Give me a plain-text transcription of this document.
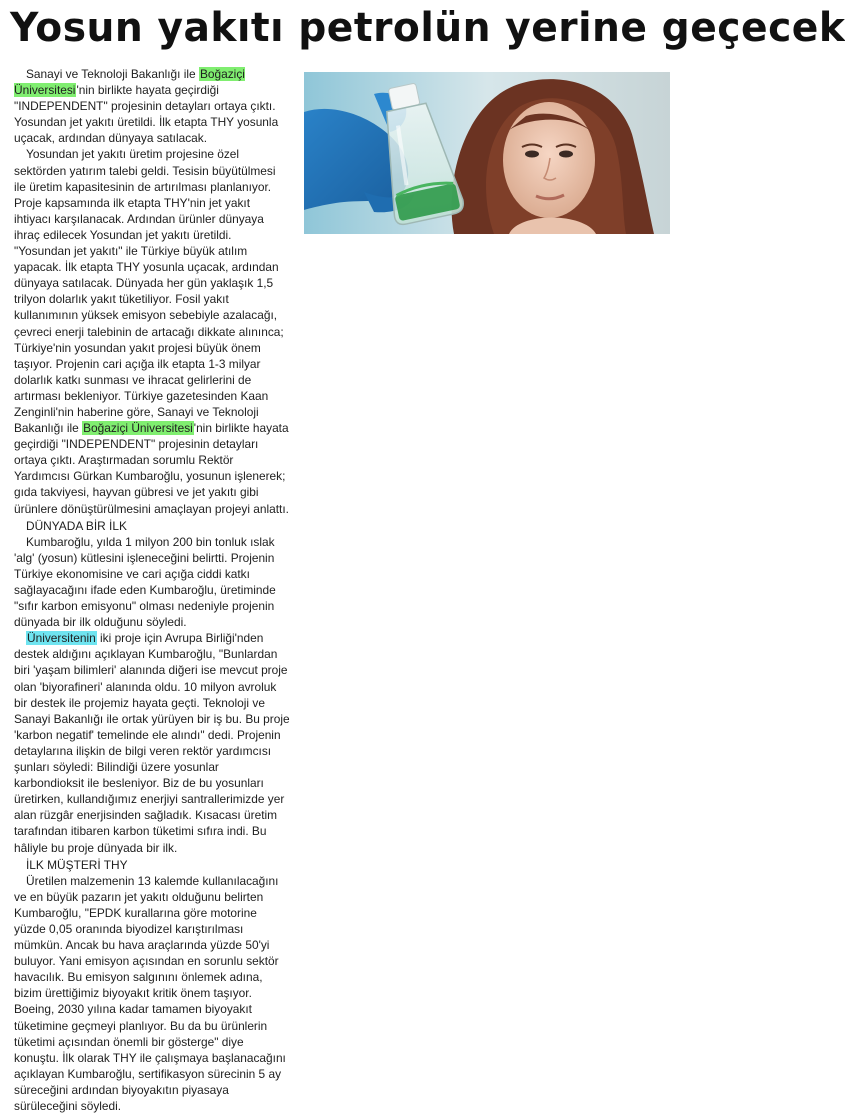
Yosun yakıtı petrolün yerine geçecek

Sanayi ve Teknoloji Bakanlığı ile Boğaziçi Üniversitesi'nin birlikte hayata geçirdiği "INDEPENDENT" projesinin detayları ortaya çıktı. Yosundan jet yakıtı üretildi. İlk etapta THY yosunla uçacak, ardından dünyaya satılacak.

Yosundan jet yakıtı üretim projesine özel sektörden yatırım talebi geldi. Tesisin büyütülmesi ile üretim kapasitesinin de artırılması planlanıyor. Proje kapsamında ilk etapta THY'nin jet yakıt ihtiyacı karşılanacak. Ardından ürünler dünyaya ihraç edilecek Yosundan jet yakıtı üretildi. "Yosundan jet yakıtı" ile Türkiye büyük atılım yapacak. İlk etapta THY yosunla uçacak, ardından dünyaya satılacak. Dünyada her gün yaklaşık 1,5 trilyon dolarlık yakıt tüketiliyor. Fosil yakıt kullanımının yüksek emisyon sebebiyle azalacağı, çevreci enerji talebinin de artacağı dikkate alınınca; Türkiye'nin yosundan yakıt projesi büyük önem taşıyor. Projenin cari açığa ilk etapta 1-3 milyar dolarlık katkı sunması ve ihracat gelirlerini de artırması bekleniyor. Türkiye gazetesinden Kaan Zenginli'nin haberine göre, Sanayi ve Teknoloji Bakanlığı ile Boğaziçi Üniversitesi'nin birlikte hayata geçirdiği "INDEPENDENT" projesinin detayları ortaya çıktı. Araştırmadan sorumlu Rektör Yardımcısı Gürkan Kumbaroğlu, yosunun işlenerek; gıda takviyesi, hayvan gübresi ve jet yakıtı gibi ürünlere dönüştürülmesini amaçlayan projeyi anlattı.

DÜNYADA BİR İLK

Kumbaroğlu, yılda 1 milyon 200 bin tonluk ıslak 'alg' (yosun) kütlesini işleneceğini belirtti. Projenin Türkiye ekonomisine ve cari açığa ciddi katkı sağlayacağını ifade eden Kumbaroğlu, üretiminde "sıfır karbon emisyonu" olması nedeniyle projenin dünyada bir ilk olduğunu söyledi.

Üniversitenin iki proje için Avrupa Birliği'nden destek aldığını açıklayan Kumbaroğlu, "Bunlardan biri 'yaşam bilimleri' alanında diğeri ise mevcut proje olan 'biyorafineri' alanında oldu. 10 milyon avroluk bir destek ile projemiz hayata geçti. Teknoloji ve Sanayi Bakanlığı ile ortak yürüyen bir iş bu. Bu proje 'karbon negatif' temelinde ele alındı" dedi. Projenin detaylarına ilişkin de bilgi veren rektör yardımcısı şunları söyledi: Bilindiği üzere yosunlar karbondioksit ile besleniyor. Biz de bu yosunları üretirken, kullandığımız enerjiyi santrallerimizde yer alan rüzgâr enerjisinden sağladık. Kısacası üretim tarafından itibaren karbon tüketimi sıfıra indi. Bu hâliyle bu proje dünyada bir ilk.

İLK MÜŞTERİ THY

Üretilen malzemenin 13 kalemde kullanılacağını ve en büyük pazarın jet yakıtı olduğunu belirten Kumbaroğlu, "EPDK kurallarına göre motorine yüzde 0,05 oranında biyodizel karıştırılması mümkün. Ancak bu hava araçlarında yüzde 50'yi buluyor. Yani emisyon açısından en sorunlu sektör havacılık. Bu emisyon salgınını önlemek adına, bizim ürettiğimiz biyoyakıt kritik önem taşıyor. Boeing, 2030 yılına kadar tamamen biyoyakıt tüketimine geçmeyi planlıyor. Bu da bu ürünlerin tüketimi açısından önemli bir gösterge" diye konuştu. İlk olarak THY ile çalışmaya başlanacağını açıklayan Kumbaroğlu, sertifikasyon sürecinin 5 ay süreceğini ardından biyoyakıtın piyasaya sürüleceğini söyledi.
